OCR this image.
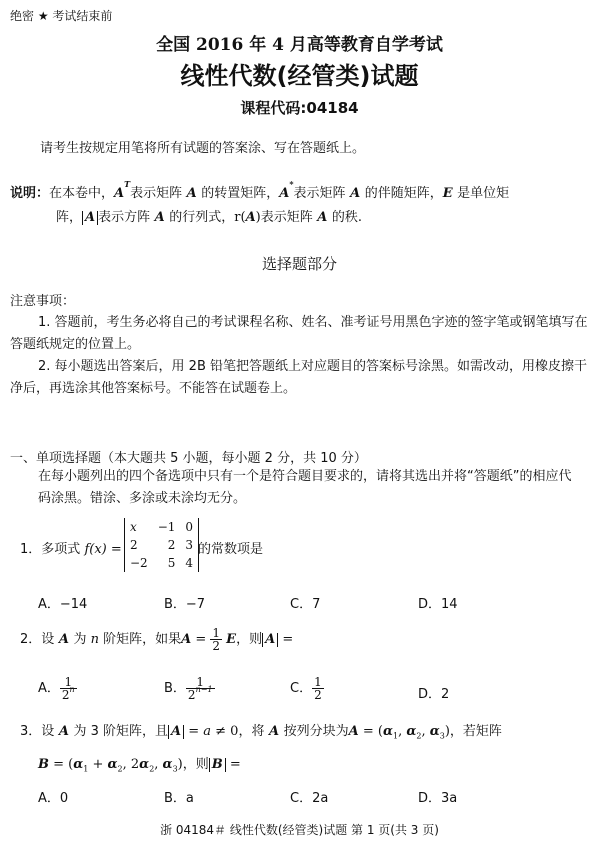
绝密 ★ 考试结束前
全国 2016 年 4 月高等教育自学考试
线性代数(经管类)试题
课程代码:04184
请考生按规定用笔将所有试题的答案涂、写在答题纸上。
说明：在本卷中，$A^T$表示矩阵 A 的转置矩阵，A*表示矩阵 A 的伴随矩阵，E 是单位矩
阵， A 表示方阵 A 的行列式，r(A)表示矩阵 A 的秩.
选择题部分
注意事项：
1. 答题前，考生务必将自己的考试课程名称、姓名、准考证号用黑色字迹的签字笔或钢笔填写在答题纸规定的位置上。
2. 每小题选出答案后，用 2B 铅笔把答题纸上对应题目的答案标号涂黑。如需改动，用橡皮擦干净后，再选涂其他答案标号。不能答在试题卷上。
一、单项选择题（本大题共 5 小题，每小题 2 分，共 10 分）
在每小题列出的四个备选项中只有一个是符合题目要求的，请将其选出并将“答题纸”的相应代码涂黑。错涂、多涂或未涂均无分。
1．多项式 f(x) =
x	−1	0
2	2	3
−2	5	4
的常数项是
A．−14	B．−7	C．7	D．14
2．设 A 为 n 阶矩阵，如果$A = \frac{1}{2}$ E，则 A =
A． $\frac{1}{2^n}$	B． $\frac{1}{2^{n-1}}$	C． $\frac{1}{2}$	D．2
3．设 A 为 3 阶矩阵，且 A = a ≠ 0，将 A 按列分块为$A = (\alpha_1$, $\alpha_2$, $\alpha_3$)，若矩阵
$B = (\alpha_1 + \alpha_2$, $2\alpha_2$, $\alpha_3$)，则 B =
A．0	B．a	C．2a	D．3a
浙 04184＃ 线性代数(经管类)试题 第 1 页(共 3 页)
